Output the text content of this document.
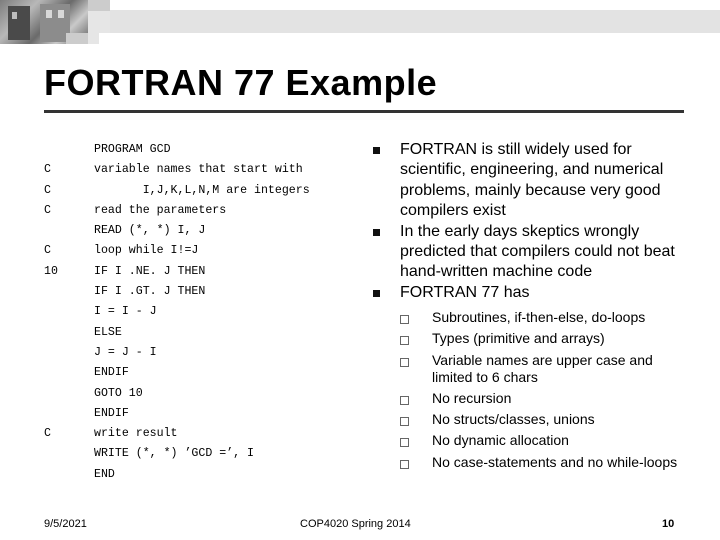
FORTRAN 77 Example
C
C
C
C
10
C
PROGRAM GCD
variable names that start with
I,J,K,L,N,M are integers
read the parameters
READ (*, *) I, J
loop while I!=J
IF I .NE. J THEN
IF I .GT. J THEN
I = I - J
ELSE
J = J - I
ENDIF
GOTO 10
ENDIF
write result
WRITE (*, *) ’GCD =’, I
END
FORTRAN is still widely used for scientific, engineering, and numerical problems, mainly because very good compilers exist
In the early days skeptics wrongly predicted that compilers could not beat hand-written machine code
FORTRAN 77 has
Subroutines, if-then-else, do-loops
Types (primitive and arrays)
Variable names are upper case and limited to 6 chars
No recursion
No structs/classes, unions
No dynamic allocation
No case-statements and no while-loops
9/5/2021	COP4020 Spring 2014	10
